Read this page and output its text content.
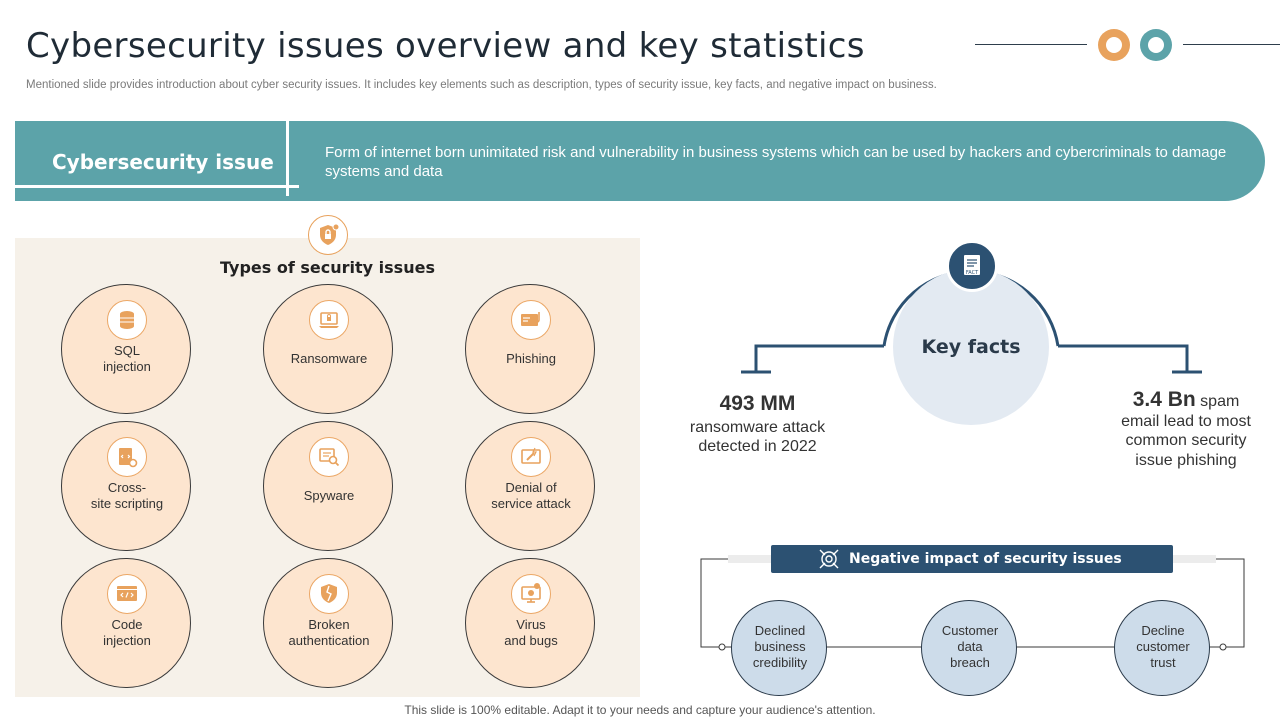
Cybersecurity issues overview and key statistics
Mentioned slide provides introduction about cyber security issues. It includes key elements such as description, types of security issue, key facts, and negative impact on business.
Cybersecurity issue	Form of internet born unimitated risk and vulnerability in business systems which can be used by hackers and cybercriminals to damage systems and data
Types of security issues
SQL
injection
Ransomware	Phishing
Cross-
site scripting
Spyware
Denial of
service attack
Code
injection
Broken
authentication
Virus
and bugs
FACT
Key facts
493 MM
ransomware attack
detected in 2022
3.4 Bn spam
email lead to most
common security
issue phishing
Negative impact of security issues
Declined
business
credibility
Customer
data
breach
Decline
customer
trust
This slide is 100% editable. Adapt it to your needs and capture your audience's attention.
